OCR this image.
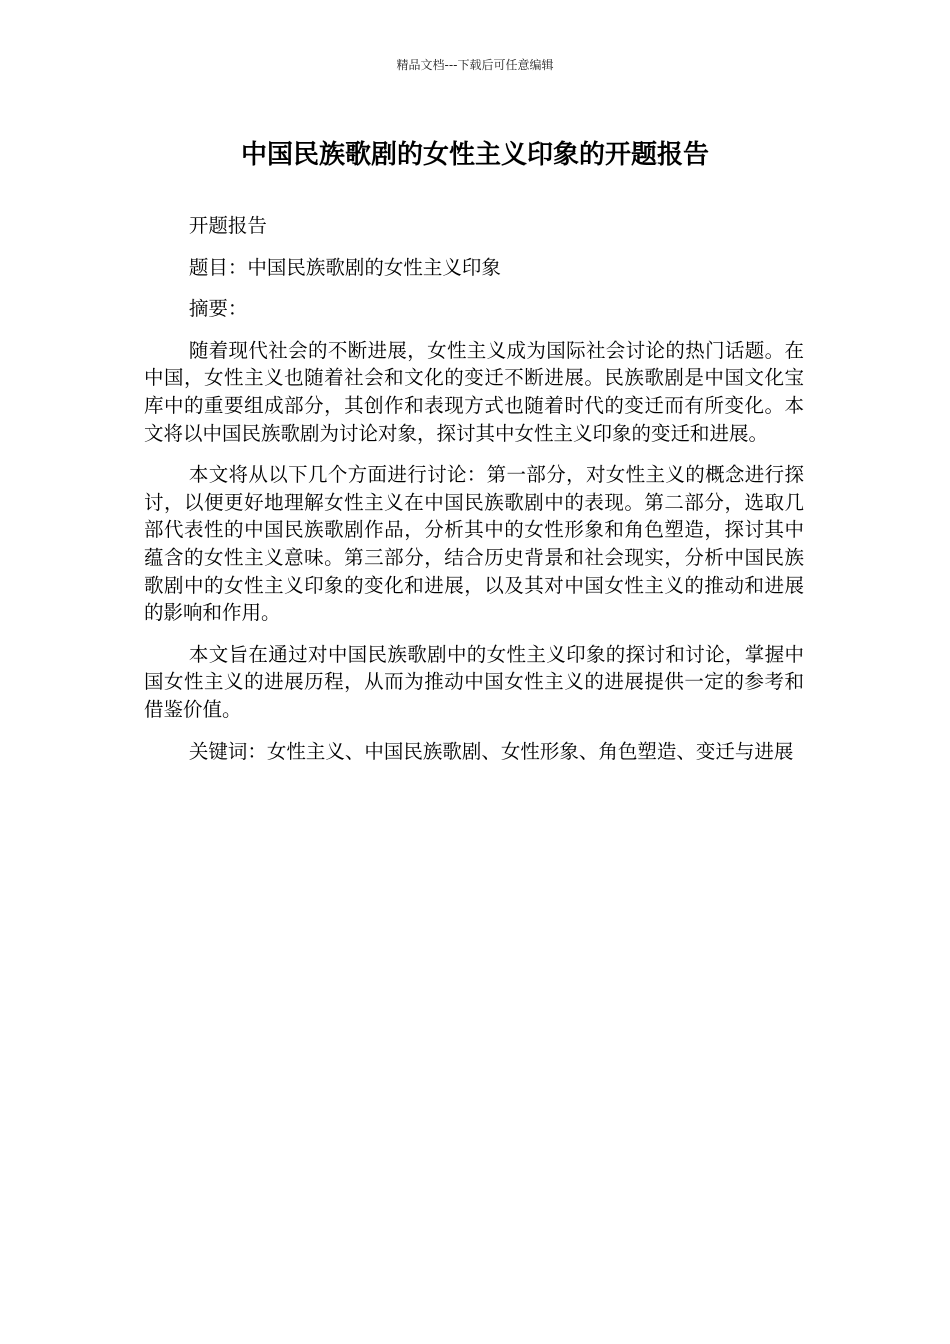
精品文档---下载后可任意编辑
中国民族歌剧的女性主义印象的开题报告

开题报告

题目：中国民族歌剧的女性主义印象

摘要：

随着现代社会的不断进展，女性主义成为国际社会讨论的热门话题。在中国，女性主义也随着社会和文化的变迁不断进展。民族歌剧是中国文化宝库中的重要组成部分，其创作和表现方式也随着时代的变迁而有所变化。本文将以中国民族歌剧为讨论对象，探讨其中女性主义印象的变迁和进展。

本文将从以下几个方面进行讨论：第一部分，对女性主义的概念进行探讨，以便更好地理解女性主义在中国民族歌剧中的表现。第二部分，选取几部代表性的中国民族歌剧作品，分析其中的女性形象和角色塑造，探讨其中蕴含的女性主义意味。第三部分，结合历史背景和社会现实，分析中国民族歌剧中的女性主义印象的变化和进展，以及其对中国女性主义的推动和进展的影响和作用。

本文旨在通过对中国民族歌剧中的女性主义印象的探讨和讨论，掌握中国女性主义的进展历程，从而为推动中国女性主义的进展提供一定的参考和借鉴价值。

关键词：女性主义、中国民族歌剧、女性形象、角色塑造、变迁与进展
